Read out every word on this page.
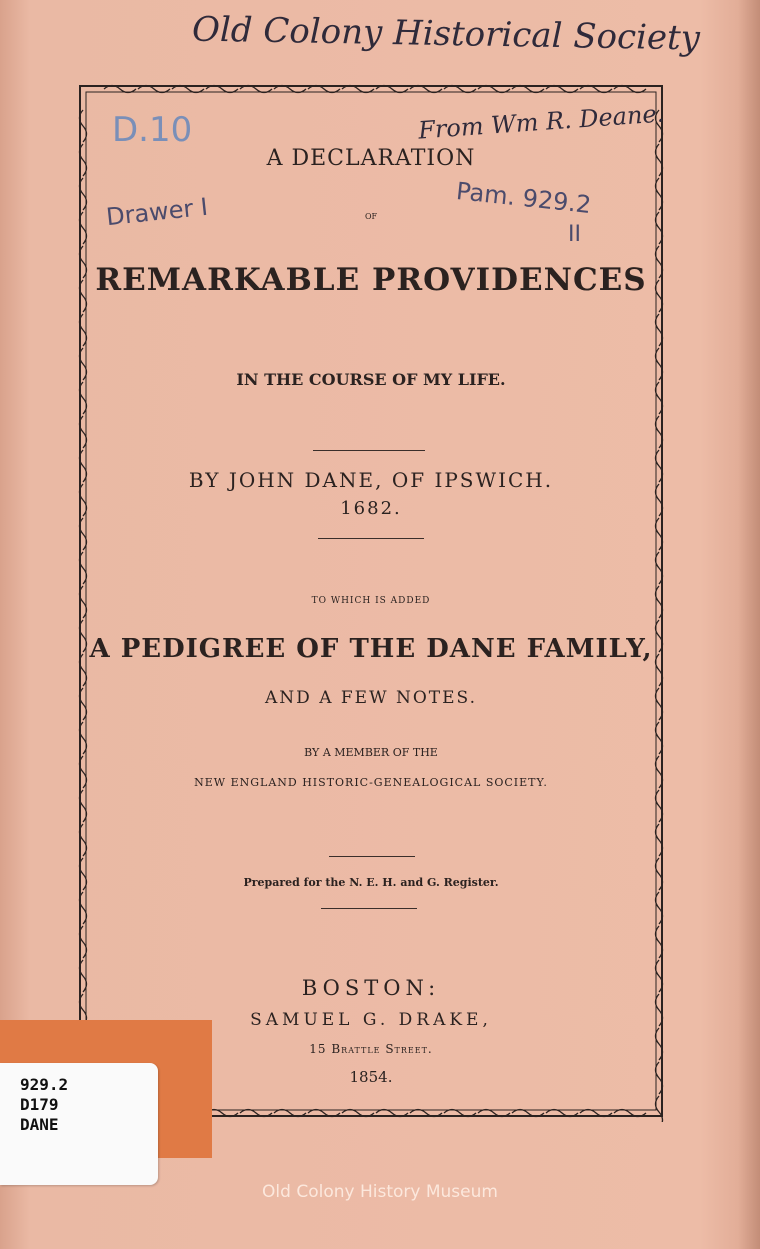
Old Colony Historical Society
From Wm R. Deane.
D.10
Drawer I	Pam. 929.2
II
A DECLARATION
OF
REMARKABLE PROVIDENCES
IN THE COURSE OF MY LIFE.
BY JOHN DANE, OF IPSWICH.
1682.
TO WHICH IS ADDED
A PEDIGREE OF THE DANE FAMILY,
AND A FEW NOTES.
BY A MEMBER OF THE
NEW ENGLAND HISTORIC-GENEALOGICAL SOCIETY.
Prepared for the N. E. H. and G. Register.
BOSTON:
SAMUEL G. DRAKE,
15 Brattle Street.
1854.
929.2
D179
DANE
Old Colony History Museum
